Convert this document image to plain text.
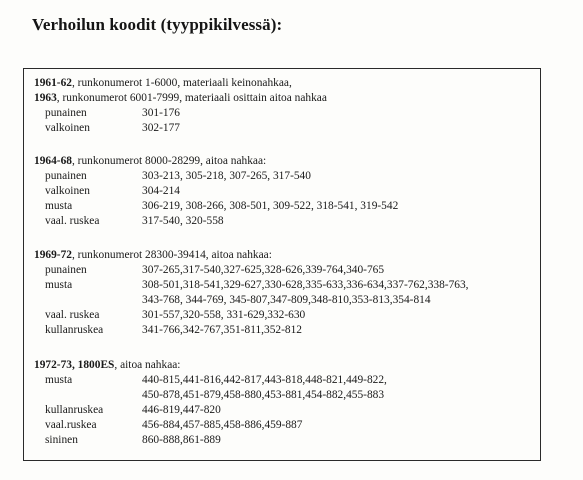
Verhoilun koodit (tyyppikilvessä):
1961-62, runkonumerot 1-6000, materiaali keinonahkaa,
1963, runkonumerot 6001-7999, materiaali osittain aitoa nahkaa
punainen	301-176
valkoinen	302-177
1964-68, runkonumerot 8000-28299, aitoa nahkaa:
punainen	303-213, 305-218, 307-265, 317-540
valkoinen	304-214
musta	306-219, 308-266, 308-501, 309-522, 318-541, 319-542
vaal. ruskea	317-540, 320-558
1969-72, runkonumerot 28300-39414, aitoa nahkaa:
punainen	307-265,317-540,327-625,328-626,339-764,340-765
musta	308-501,318-541,329-627,330-628,335-633,336-634,337-762,338-763,
343-768, 344-769, 345-807,347-809,348-810,353-813,354-814
vaal. ruskea	301-557,320-558, 331-629,332-630
kullanruskea	341-766,342-767,351-811,352-812
1972-73, 1800ES, aitoa nahkaa:
musta	440-815,441-816,442-817,443-818,448-821,449-822,
450-878,451-879,458-880,453-881,454-882,455-883
kullanruskea	446-819,447-820
vaal.ruskea	456-884,457-885,458-886,459-887
sininen	860-888,861-889
